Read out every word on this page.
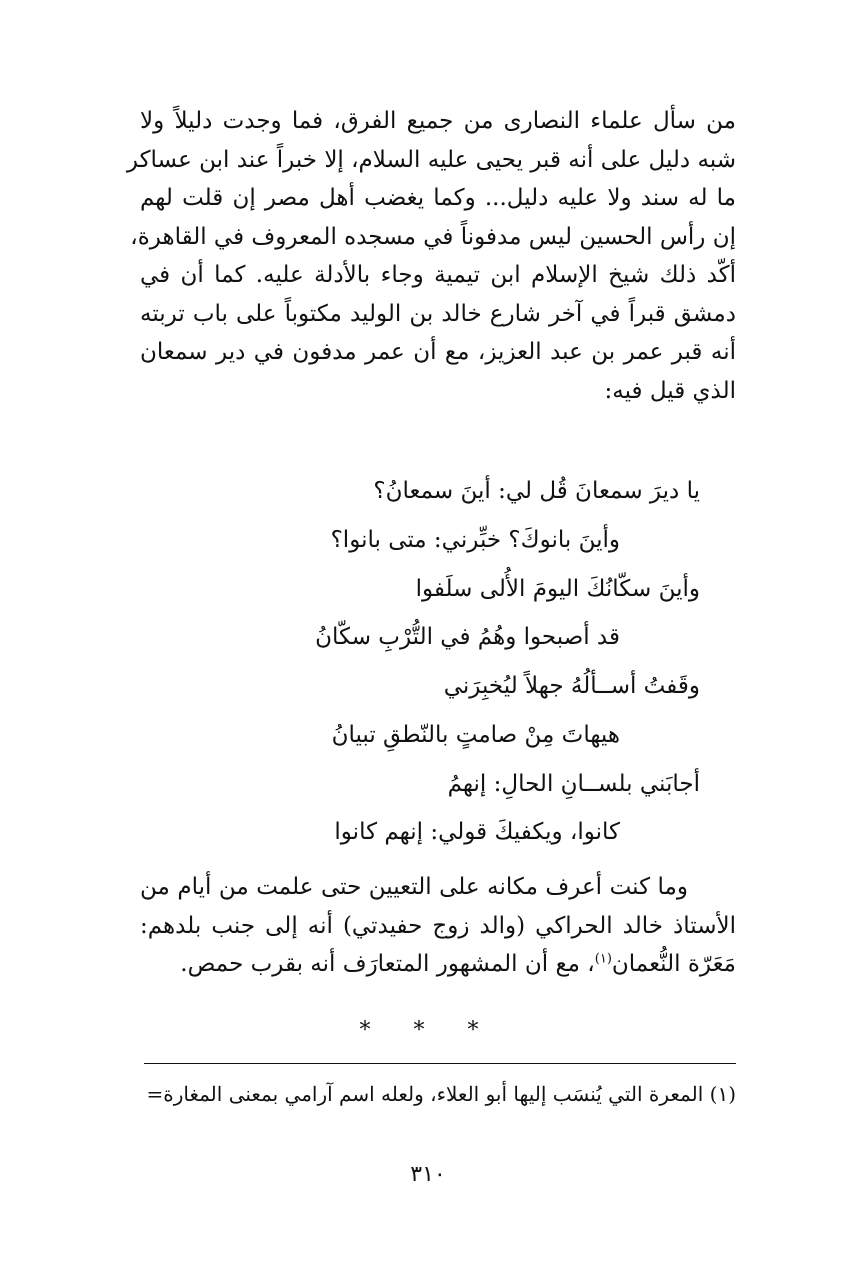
من سأل علماء النصارى من جميع الفرق، فما وجدت دليلاً ولا
شبه دليل على أنه قبر يحيى عليه السلام، إلا خبراً عند ابن عساكر
ما له سند ولا عليه دليل... وكما يغضب أهل مصر إن قلت لهم
إن رأس الحسين ليس مدفوناً في مسجده المعروف في القاهرة،
أكّد ذلك شيخ الإسلام ابن تيمية وجاء بالأدلة عليه. كما أن في
دمشق قبراً في آخر شارع خالد بن الوليد مكتوباً على باب تربته
أنه قبر عمر بن عبد العزيز، مع أن عمر مدفون في دير سمعان
الذي قيل فيه:
يا ديرَ سمعانَ قُل لي: أينَ سمعانُ؟
وأينَ بانوكَ؟ خبِّرني: متى بانوا؟
وأينَ سكّانُكَ اليومَ الأُلى سلَفوا
قد أصبحوا وهُمُ في التُّرْبِ سكّانُ
وقَفتُ أســألُهُ جهلاً ليُخبِرَني
هيهاتَ مِنْ صامتٍ بالنّطقِ تبيانُ
أجابَني بلســانِ الحالِ: إنهمُ
كانوا، ويكفيكَ قولي: إنهم كانوا
وما كنت أعرف مكانه على التعيين حتى علمت من أيام من
الأستاذ خالد الحراكي (والد زوج حفيدتي) أنه إلى جنب بلدهم:
مَعَرّة النُّعمان$^{(١)}$، مع أن المشهور المتعارَف أنه بقرب حمص.
* * *
(١) المعرة التي يُنسَب إليها أبو العلاء، ولعله اسم آرامي بمعنى المغارة=
٣١٠
